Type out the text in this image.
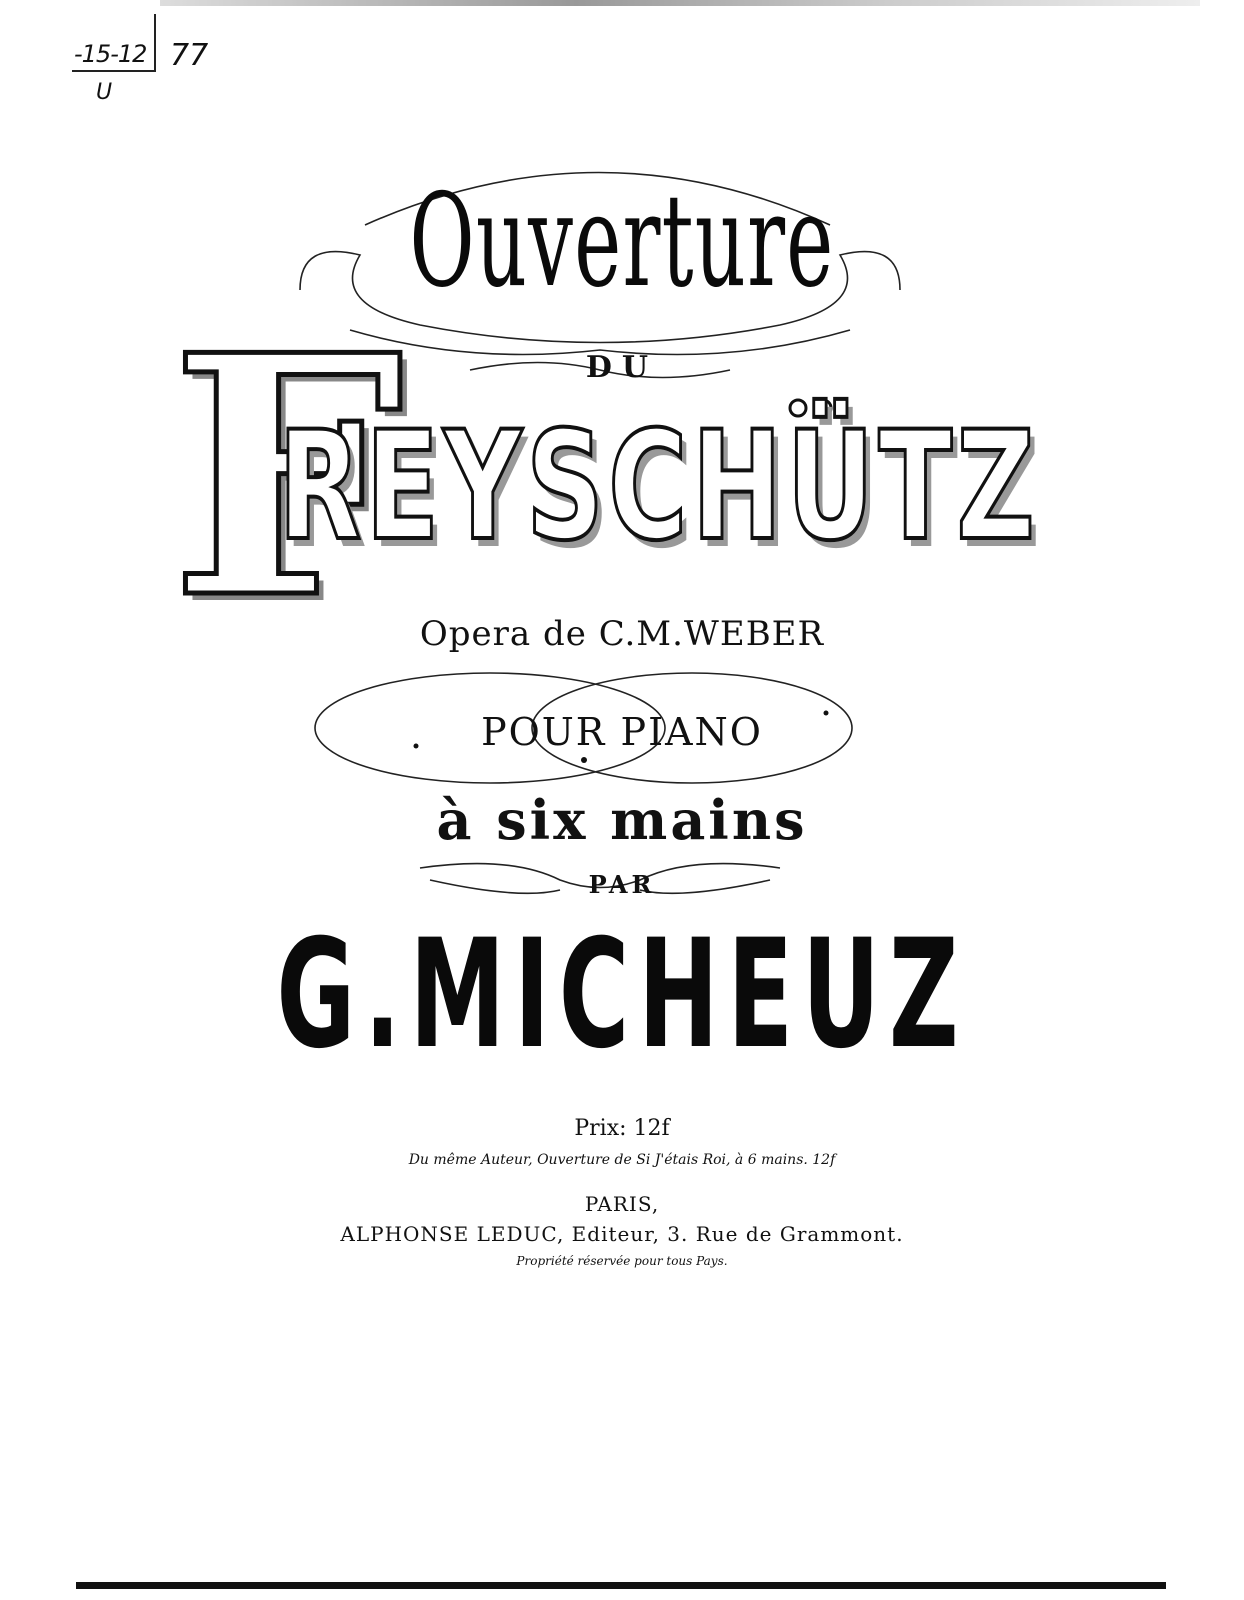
-15-12 77
U
Ouverture
DU
F
REYSCHÜTZ
Opera de C.M.WEBER
POUR PIANO
à six mains
PAR
G.MICHEUZ
Prix: 12f
Du même Auteur, Ouverture de Si J'étais Roi, à 6 mains. 12f
PARIS,
ALPHONSE LEDUC, Editeur, 3. Rue de Grammont.
Propriété réservée pour tous Pays.
